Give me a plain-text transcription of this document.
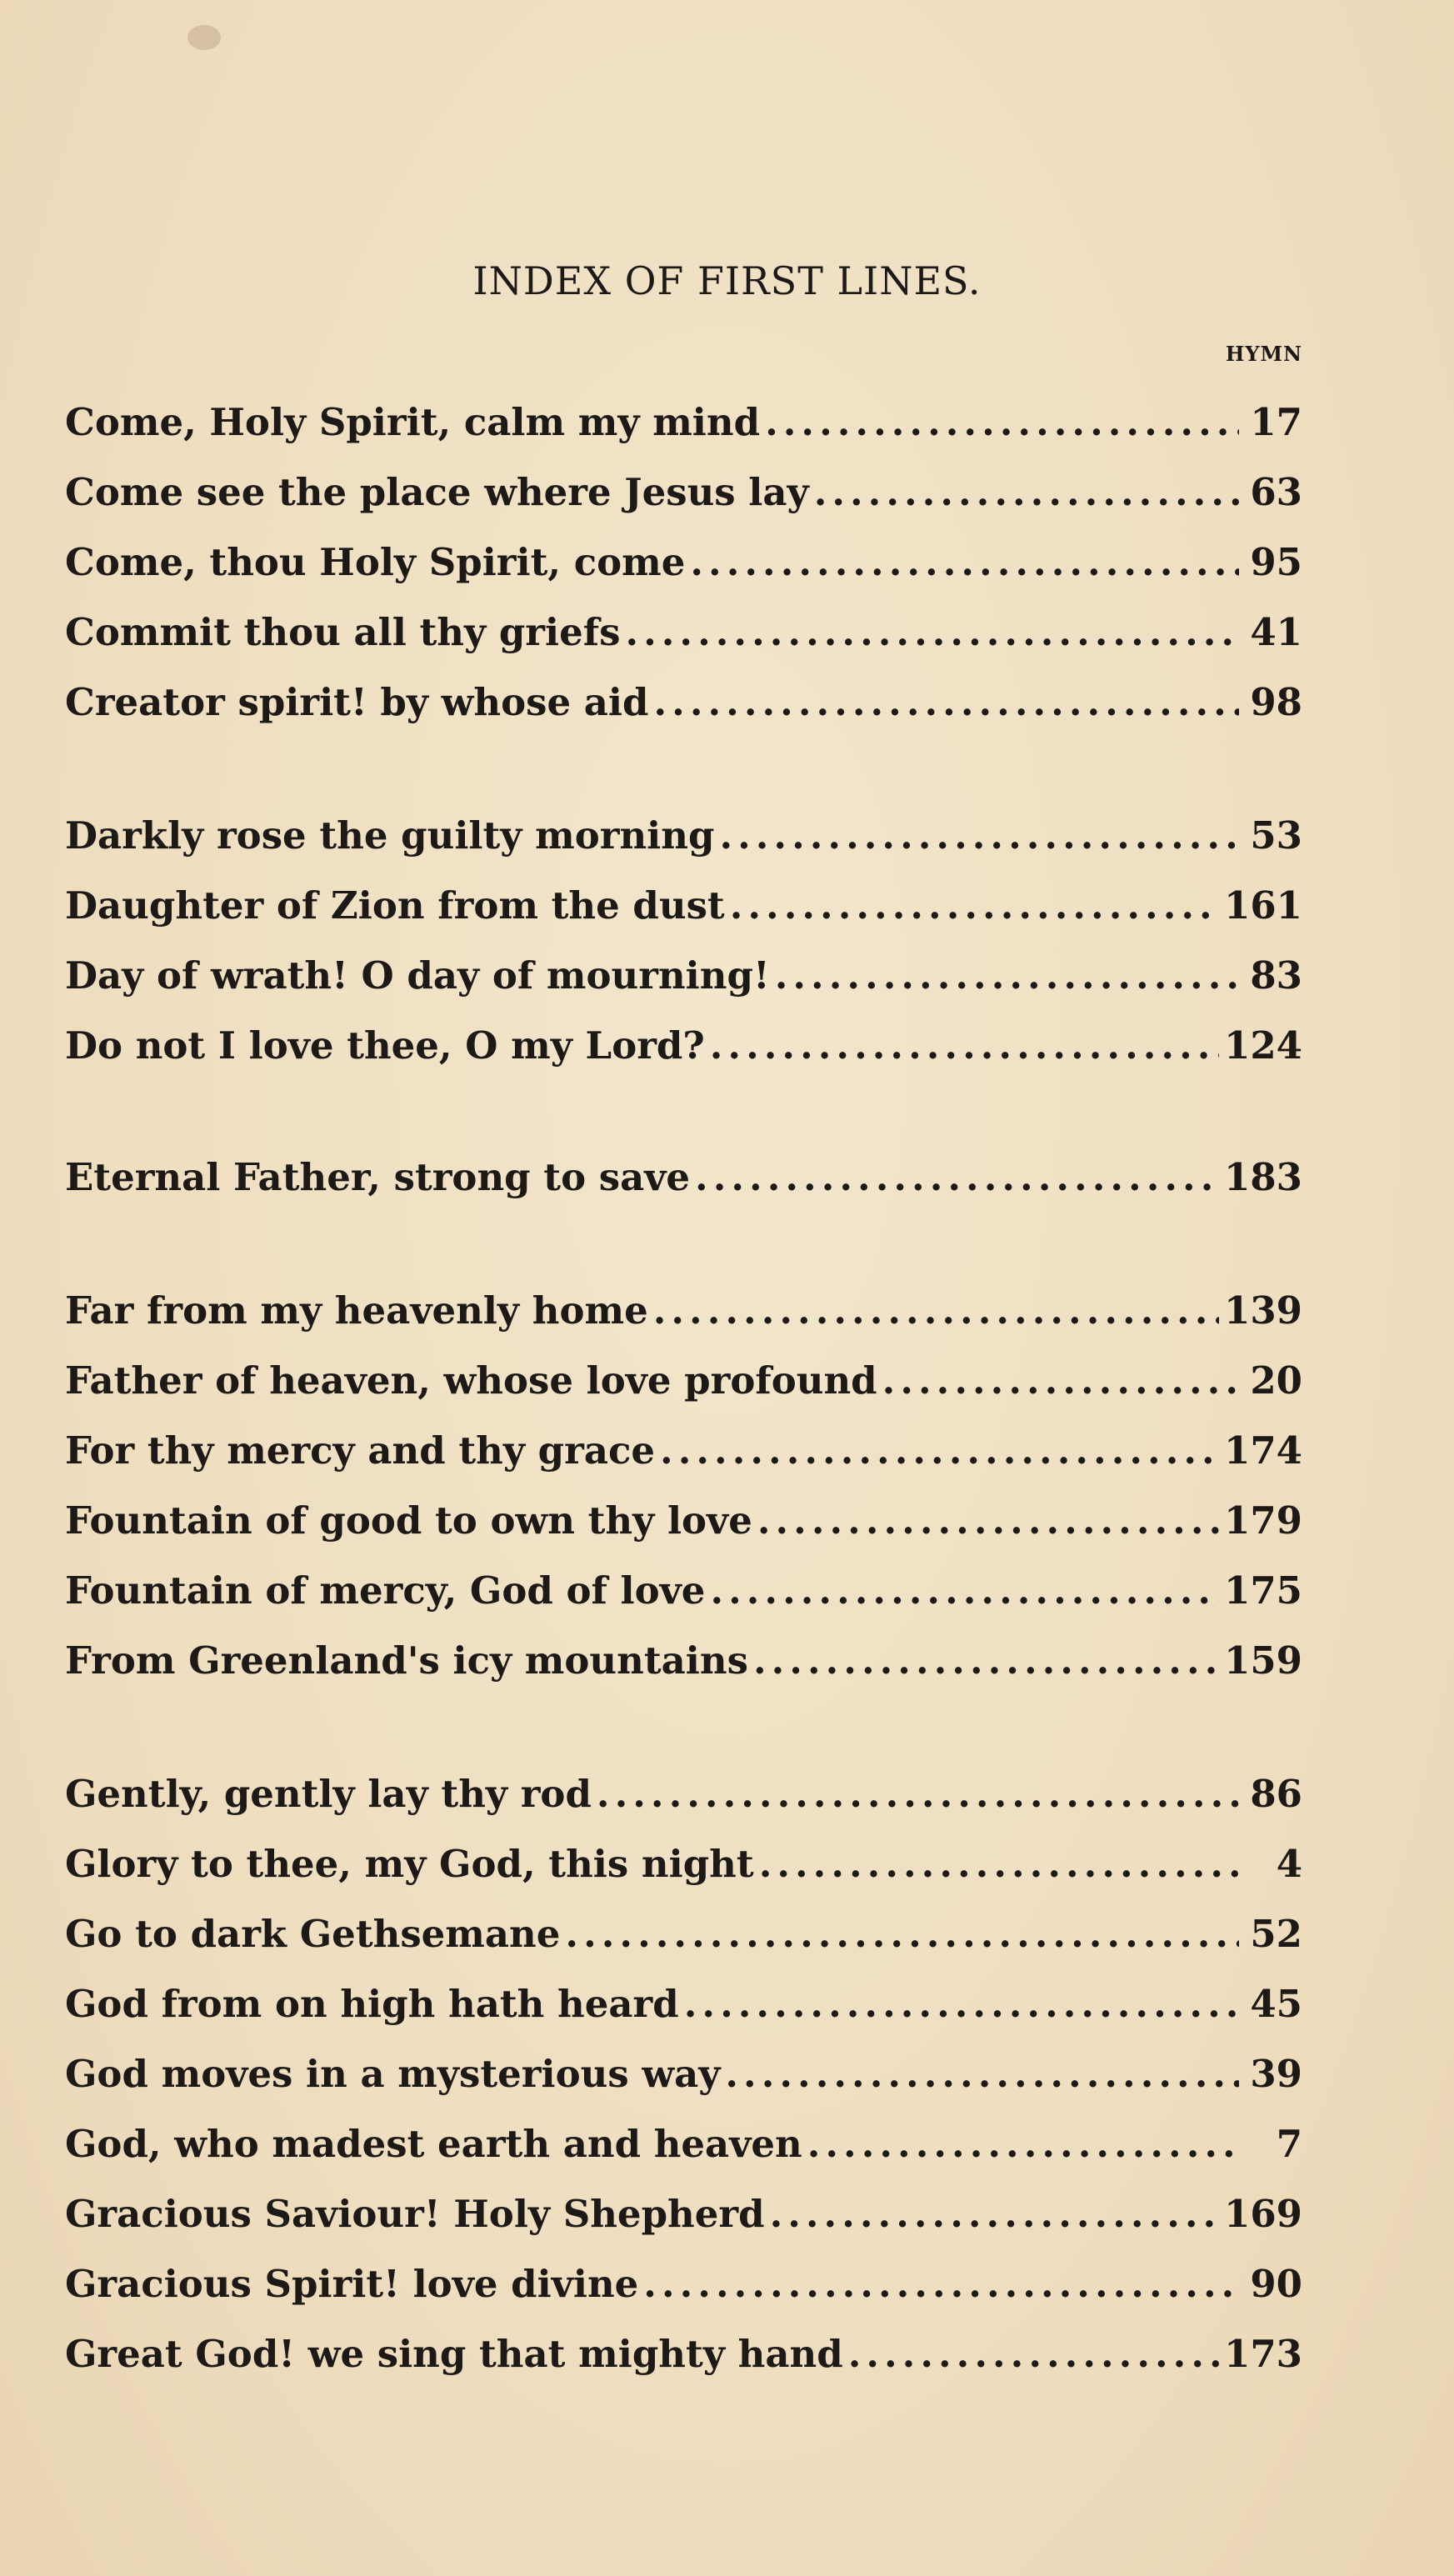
INDEX OF FIRST LINES.
HYMN
Come, Holy Spirit, calm my mind .....	17
Come see the place where Jesus lay .....	63
Come, thou Holy Spirit, come .....	95
Commit thou all thy griefs .....	41
Creator spirit! by whose aid .....	98
Darkly rose the guilty morning .....	53
Daughter of Zion from the dust .....	161
Day of wrath! O day of mourning! .....	83
Do not I love thee, O my Lord? .....	124
Eternal Father, strong to save .....	183
Far from my heavenly home .....	139
Father of heaven, whose love profound .....	20
For thy mercy and thy grace .....	174
Fountain of good to own thy love .....	179
Fountain of mercy, God of love .....	175
From Greenland's icy mountains .....	159
Gently, gently lay thy rod .....	86
Glory to thee, my God, this night .....	4
Go to dark Gethsemane .....	52
God from on high hath heard .....	45
God moves in a mysterious way .....	39
God, who madest earth and heaven .....	7
Gracious Saviour! Holy Shepherd .....	169
Gracious Spirit! love divine .....	90
Great God! we sing that mighty hand .....	173
